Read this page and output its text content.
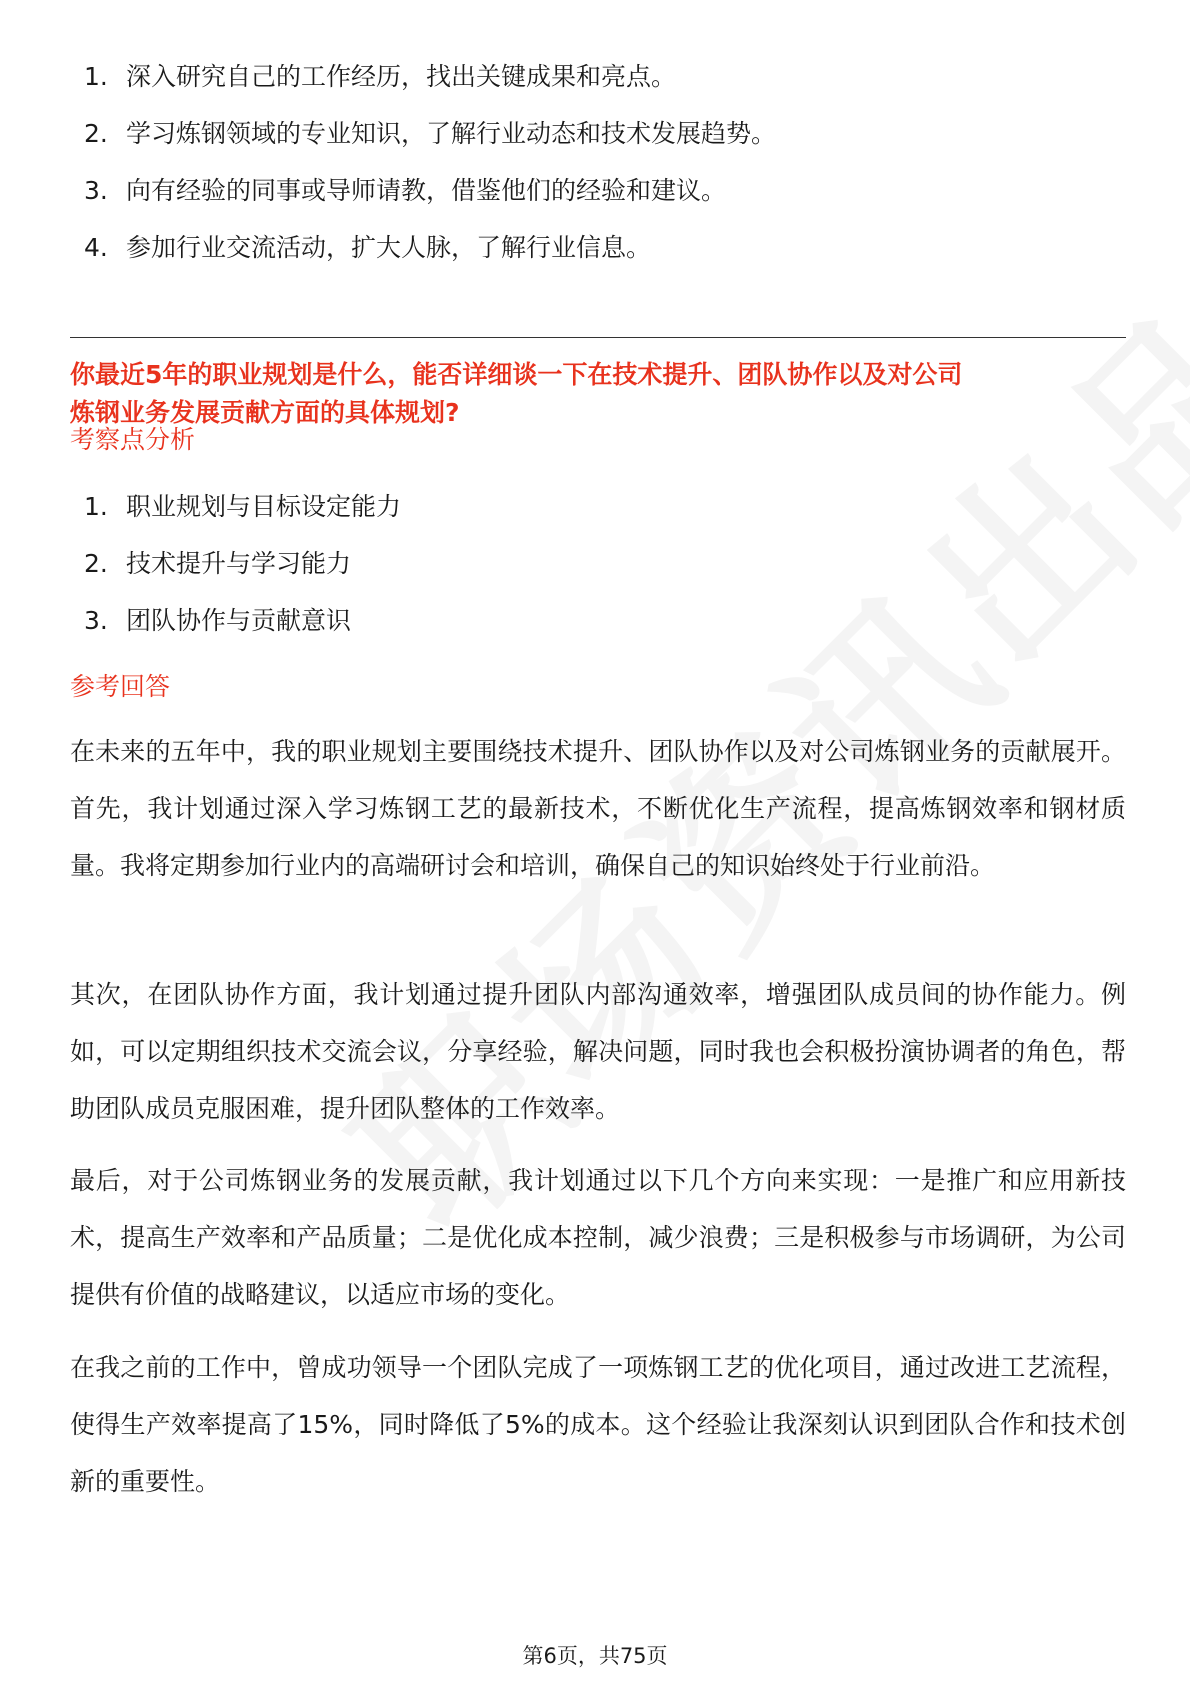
1. 深入研究自己的工作经历，找出关键成果和亮点。
2. 学习炼钢领域的专业知识，了解行业动态和技术发展趋势。
3. 向有经验的同事或导师请教，借鉴他们的经验和建议。
4. 参加行业交流活动，扩大人脉，了解行业信息。
你最近5年的职业规划是什么，能否详细谈一下在技术提升、团队协作以及对公司
炼钢业务发展贡献方面的具体规划?
考察点分析
1. 职业规划与目标设定能力
2. 技术提升与学习能力
3. 团队协作与贡献意识
参考回答

在未来的五年中，我的职业规划主要围绕技术提升、团队协作以及对公司炼钢业务的贡献展开。首先，我计划通过深入学习炼钢工艺的最新技术，不断优化生产流程，提高炼钢效率和钢材质量。我将定期参加行业内的高端研讨会和培训，确保自己的知识始终处于行业前沿。

其次，在团队协作方面，我计划通过提升团队内部沟通效率，增强团队成员间的协作能力。例如，可以定期组织技术交流会议，分享经验，解决问题，同时我也会积极扮演协调者的角色，帮助团队成员克服困难，提升团队整体的工作效率。

最后，对于公司炼钢业务的发展贡献，我计划通过以下几个方向来实现：一是推广和应用新技术，提高生产效率和产品质量；二是优化成本控制，减少浪费；三是积极参与市场调研，为公司提供有价值的战略建议，以适应市场的变化。

在我之前的工作中，曾成功领导一个团队完成了一项炼钢工艺的优化项目，通过改进工艺流程，使得生产效率提高了15%，同时降低了5%的成本。这个经验让我深刻认识到团队合作和技术创新的重要性。

第6页，共75页
